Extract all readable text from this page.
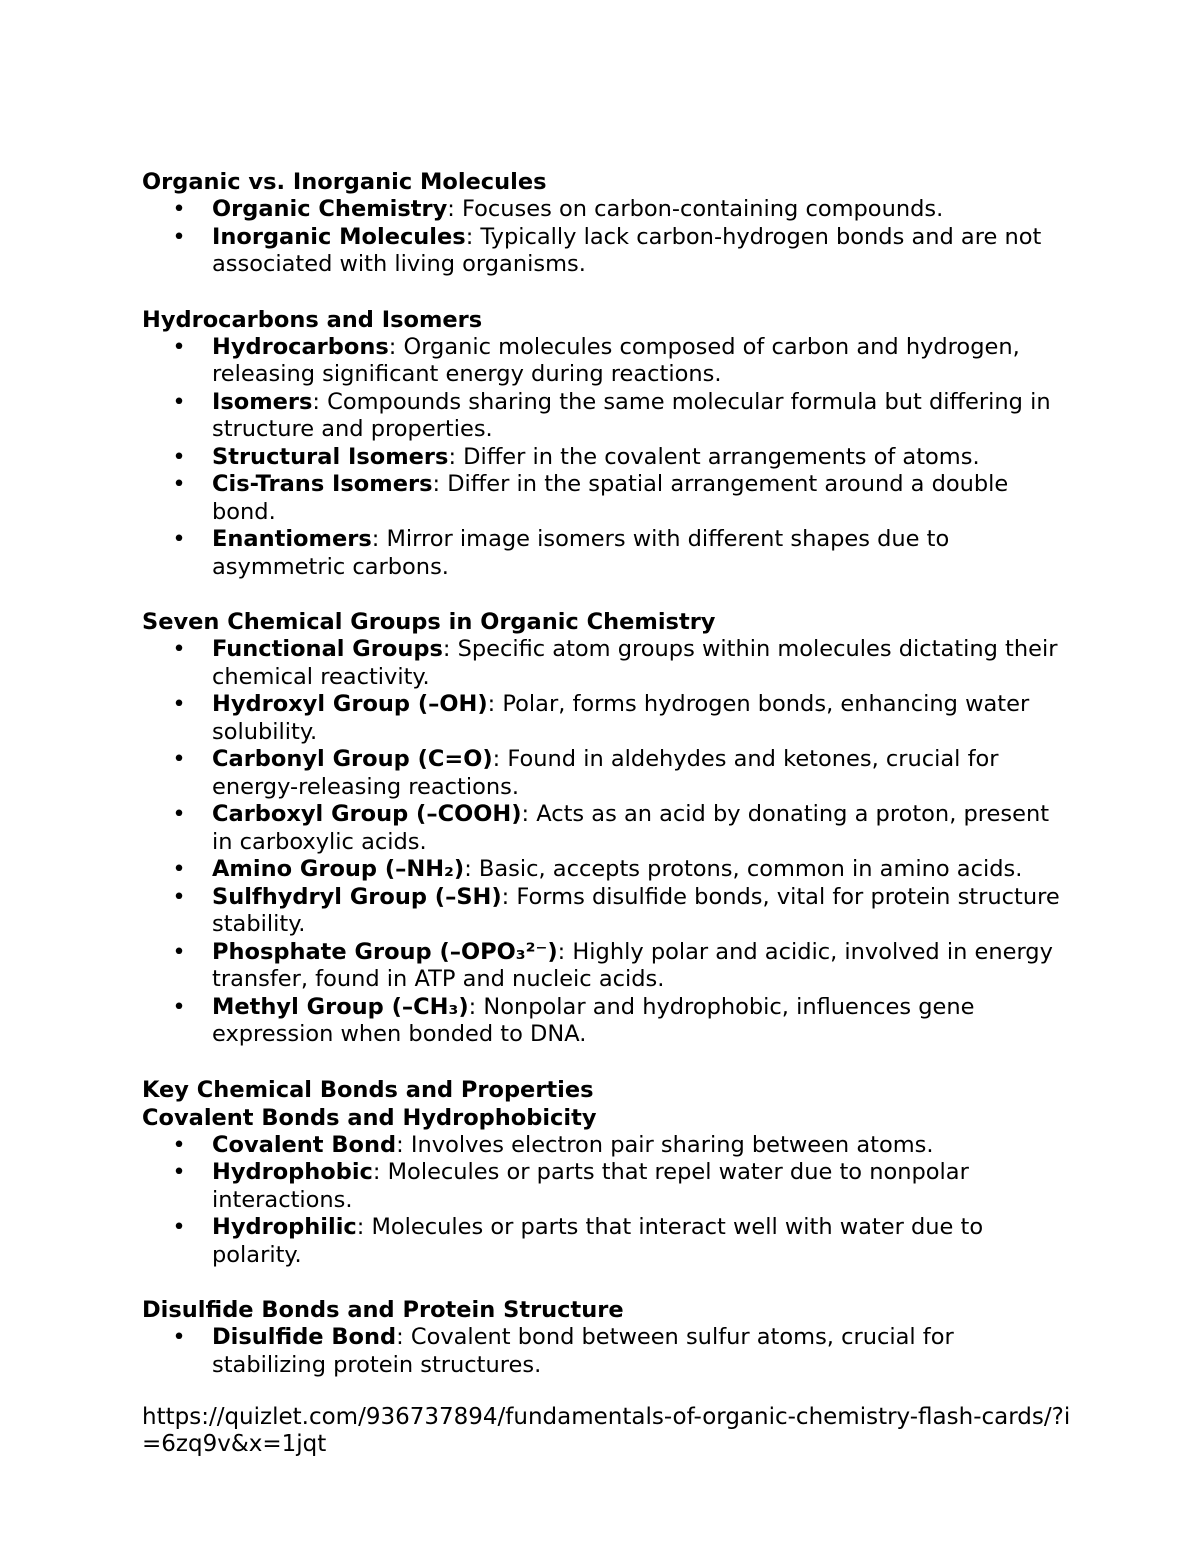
Organic vs. Inorganic Molecules
• Organic Chemistry: Focuses on carbon-containing compounds.
• Inorganic Molecules: Typically lack carbon-hydrogen bonds and are not associated with living organisms.
Hydrocarbons and Isomers
• Hydrocarbons: Organic molecules composed of carbon and hydrogen, releasing significant energy during reactions.
• Isomers: Compounds sharing the same molecular formula but differing in structure and properties.
• Structural Isomers: Differ in the covalent arrangements of atoms.
• Cis-Trans Isomers: Differ in the spatial arrangement around a double bond.
• Enantiomers: Mirror image isomers with different shapes due to asymmetric carbons.
Seven Chemical Groups in Organic Chemistry
• Functional Groups: Specific atom groups within molecules dictating their chemical reactivity.
• Hydroxyl Group (–OH): Polar, forms hydrogen bonds, enhancing water solubility.
• Carbonyl Group (C=O): Found in aldehydes and ketones, crucial for energy-releasing reactions.
• Carboxyl Group (–COOH): Acts as an acid by donating a proton, present in carboxylic acids.
• Amino Group (–NH₂): Basic, accepts protons, common in amino acids.
• Sulfhydryl Group (–SH): Forms disulfide bonds, vital for protein structure stability.
• Phosphate Group (–OPO₃²⁻): Highly polar and acidic, involved in energy transfer, found in ATP and nucleic acids.
• Methyl Group (–CH₃): Nonpolar and hydrophobic, influences gene expression when bonded to DNA.
Key Chemical Bonds and Properties
Covalent Bonds and Hydrophobicity
• Covalent Bond: Involves electron pair sharing between atoms.
• Hydrophobic: Molecules or parts that repel water due to nonpolar interactions.
• Hydrophilic: Molecules or parts that interact well with water due to polarity.
Disulfide Bonds and Protein Structure
• Disulfide Bond: Covalent bond between sulfur atoms, crucial for stabilizing protein structures.
https://quizlet.com/936737894/fundamentals-of-organic-chemistry-flash-cards/?i=6zq9v&x=1jqt
